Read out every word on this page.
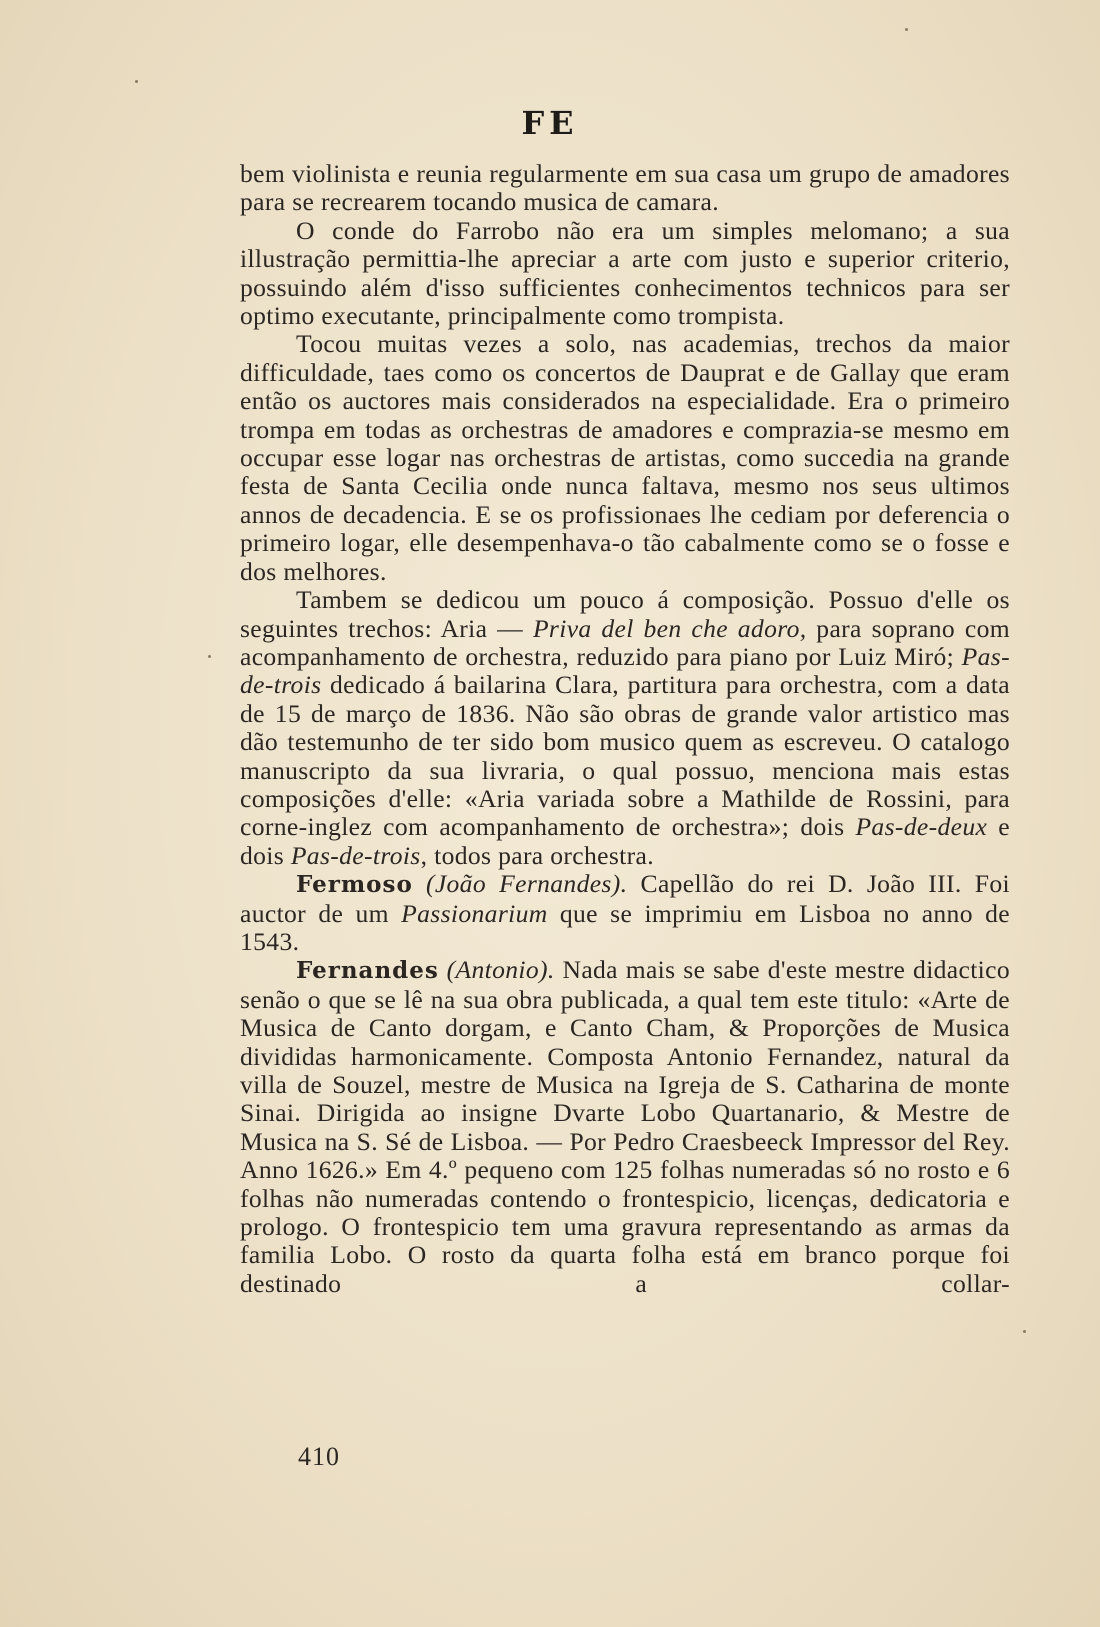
FE

bem violinista e reunia regularmente em sua casa um grupo de amadores para se recrearem tocando musica de camara.

O conde do Farrobo não era um simples melomano; a sua illustração permittia-lhe apreciar a arte com justo e superior criterio, possuindo além d'isso sufficientes conhecimentos technicos para ser optimo executante, principalmente como trompista.

Tocou muitas vezes a solo, nas academias, trechos da maior difficuldade, taes como os concertos de Dauprat e de Gallay que eram então os auctores mais considerados na especialidade. Era o primeiro trompa em todas as orchestras de amadores e comprazia-se mesmo em occupar esse logar nas orchestras de artistas, como succedia na grande festa de Santa Cecilia onde nunca faltava, mesmo nos seus ultimos annos de decadencia. E se os profissionaes lhe cediam por deferencia o primeiro logar, elle desempenhava-o tão cabalmente como se o fosse e dos melhores.

Tambem se dedicou um pouco á composição. Possuo d'elle os seguintes trechos: Aria — Priva del ben che adoro, para soprano com acompanhamento de orchestra, reduzido para piano por Luiz Miró; Pas-de-trois dedicado á bailarina Clara, partitura para orchestra, com a data de 15 de março de 1836. Não são obras de grande valor artistico mas dão testemunho de ter sido bom musico quem as escreveu. O catalogo manuscripto da sua livraria, o qual possuo, menciona mais estas composições d'elle: «Aria variada sobre a Mathilde de Rossini, para corne-inglez com acompanhamento de orchestra»; dois Pas-de-deux e dois Pas-de-trois, todos para orchestra.

Fermoso (João Fernandes). Capellão do rei D. João III. Foi auctor de um Passionarium que se imprimiu em Lisboa no anno de 1543.

Fernandes (Antonio). Nada mais se sabe d'este mestre didactico senão o que se lê na sua obra publicada, a qual tem este titulo: «Arte de Musica de Canto dorgam, e Canto Cham, & Proporções de Musica divididas harmonicamente. Composta Antonio Fernandez, natural da villa de Souzel, mestre de Musica na Igreja de S. Catharina de monte Sinai. Dirigida ao insigne Dvarte Lobo Quartanario, & Mestre de Musica na S. Sé de Lisboa. — Por Pedro Craesbeeck Impressor del Rey. Anno 1626.» Em 4.º pequeno com 125 folhas numeradas só no rosto e 6 folhas não numeradas contendo o frontespicio, licenças, dedicatoria e prologo. O frontespicio tem uma gravura representando as armas da familia Lobo. O rosto da quarta folha está em branco porque foi destinado a collar-

410
